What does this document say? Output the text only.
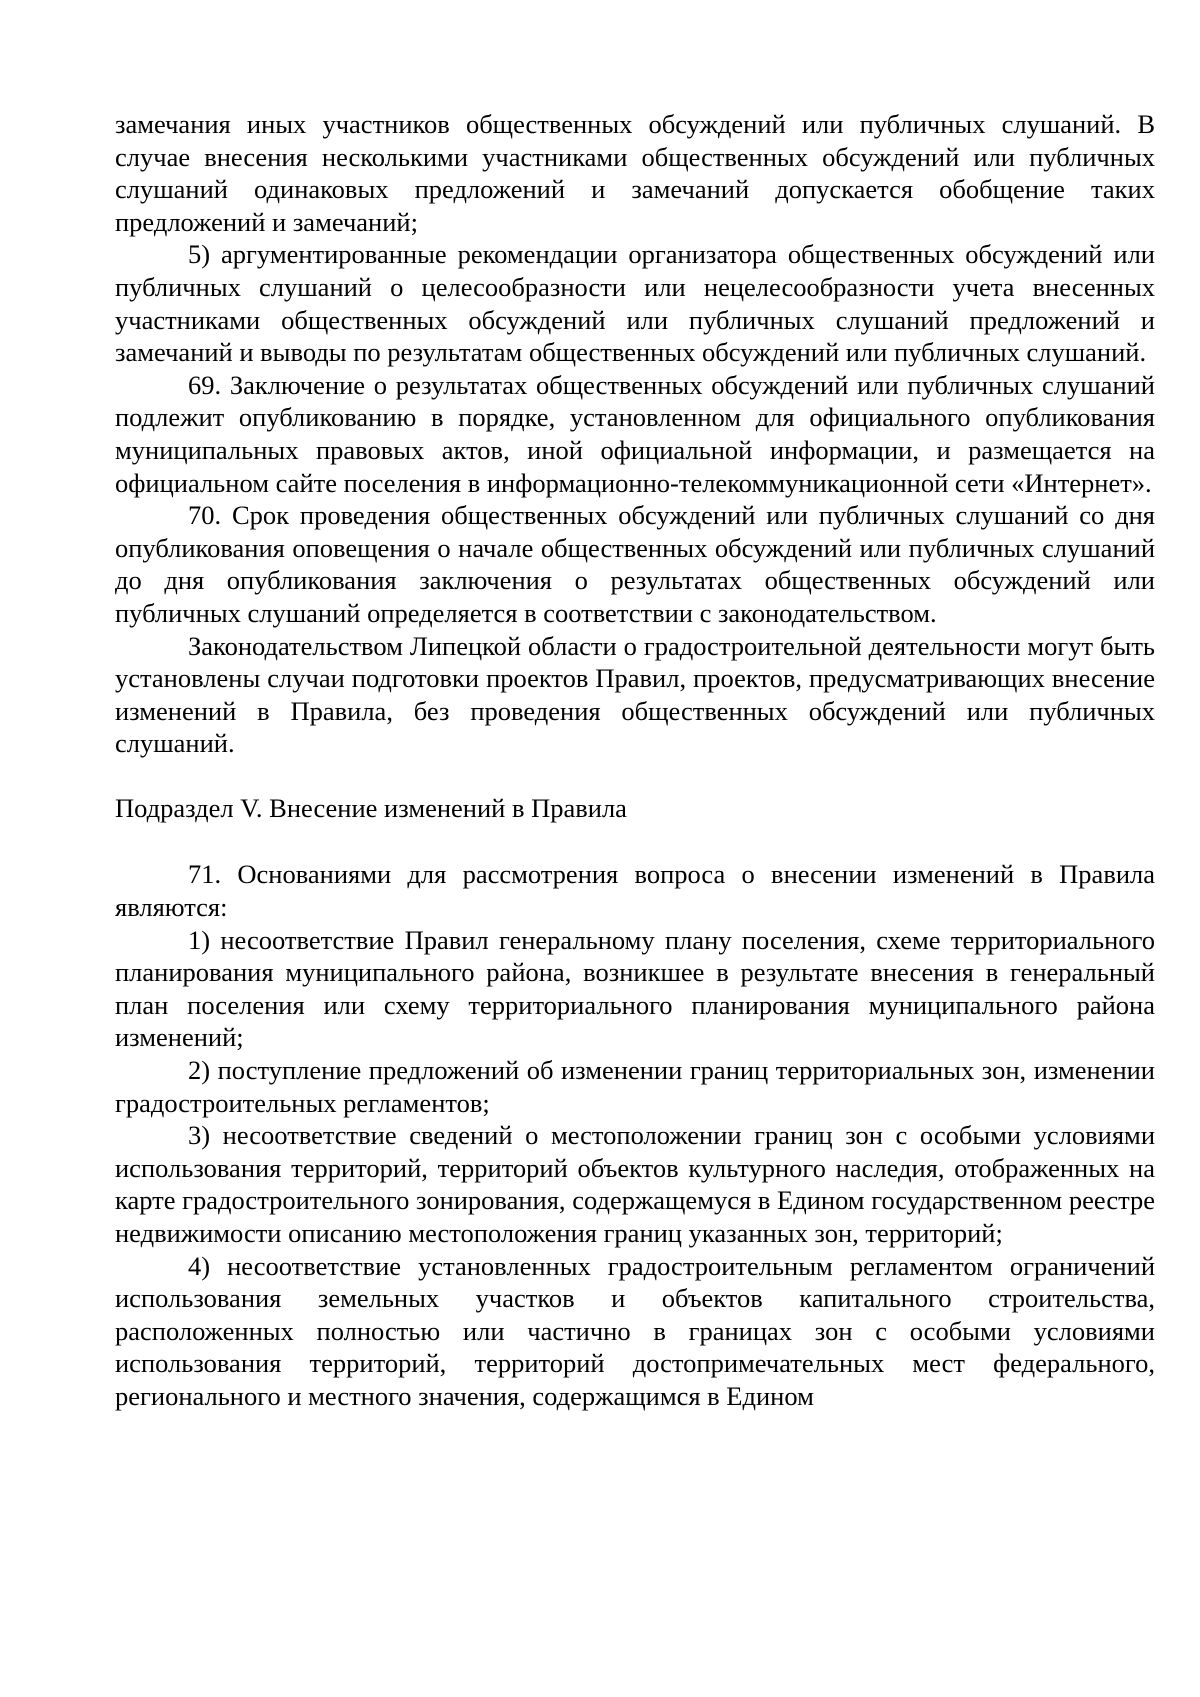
замечания иных участников общественных обсуждений или публичных слушаний. В случае внесения несколькими участниками общественных обсуждений или публичных слушаний одинаковых предложений и замечаний допускается обобщение таких предложений и замечаний;

5) аргументированные рекомендации организатора общественных обсуждений или публичных слушаний о целесообразности или нецелесообразности учета внесенных участниками общественных обсуждений или публичных слушаний предложений и замечаний и выводы по результатам общественных обсуждений или публичных слушаний.

69. Заключение о результатах общественных обсуждений или публичных слушаний подлежит опубликованию в порядке, установленном для официального опубликования муниципальных правовых актов, иной официальной информации, и размещается на официальном сайте поселения в информационно-телекоммуникационной сети «Интернет».

70. Срок проведения общественных обсуждений или публичных слушаний со дня опубликования оповещения о начале общественных обсуждений или публичных слушаний до дня опубликования заключения о результатах общественных обсуждений или публичных слушаний определяется в соответствии с законодательством.

Законодательством Липецкой области о градостроительной деятельности могут быть установлены случаи подготовки проектов Правил, проектов, предусматривающих внесение изменений в Правила, без проведения общественных обсуждений или публичных слушаний.

Подраздел V. Внесение изменений в Правила

71. Основаниями для рассмотрения вопроса о внесении изменений в Правила являются:

1) несоответствие Правил генеральному плану поселения, схеме территориального планирования муниципального района, возникшее в результате внесения в генеральный план поселения или схему территориального планирования муниципального района изменений;

2) поступление предложений об изменении границ территориальных зон, изменении градостроительных регламентов;

3) несоответствие сведений о местоположении границ зон с особыми условиями использования территорий, территорий объектов культурного наследия, отображенных на карте градостроительного зонирования, содержащемуся в Едином государственном реестре недвижимости описанию местоположения границ указанных зон, территорий;

4) несоответствие установленных градостроительным регламентом ограничений использования земельных участков и объектов капитального строительства, расположенных полностью или частично в границах зон с особыми условиями использования территорий, территорий достопримечательных мест федерального, регионального и местного значения, содержащимся в Едином
